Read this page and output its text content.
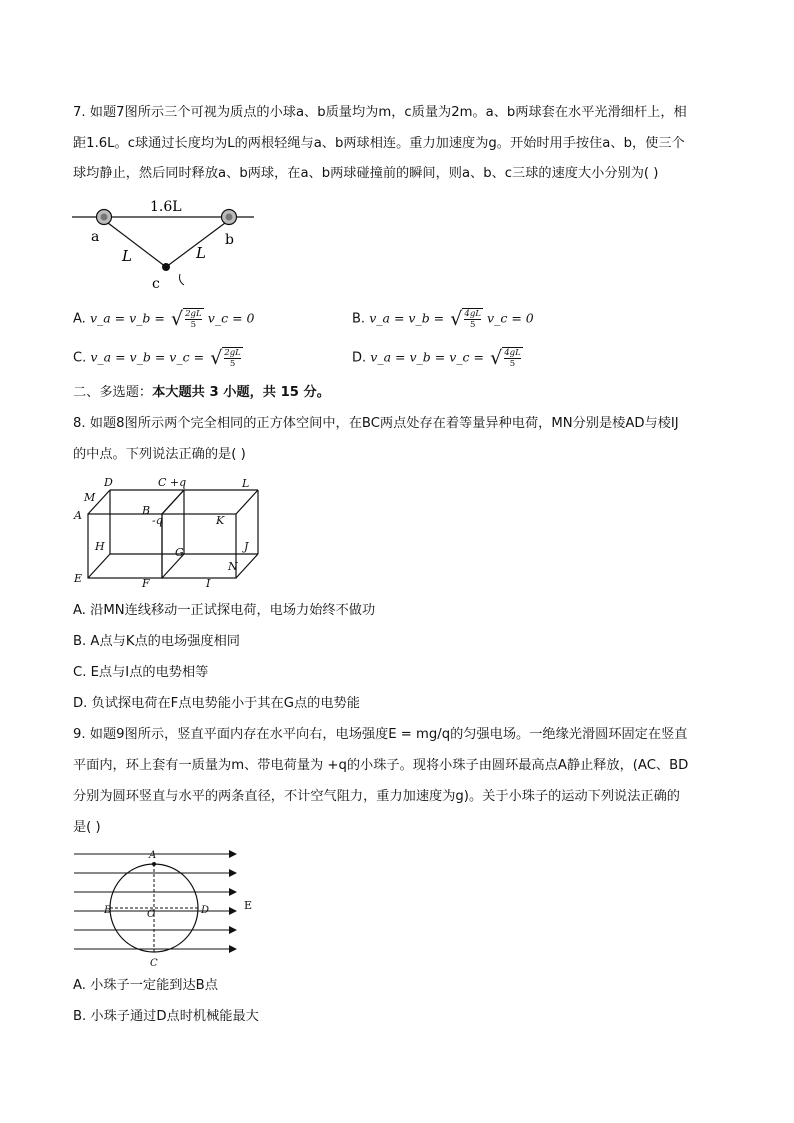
7. 如题7图所示三个可视为质点的小球a、b质量均为m，c质量为2m。a、b两球套在水平光滑细杆上，相
距1.6L。c球通过长度均为L的两根轻绳与a、b两球相连。重力加速度为g。开始时用手按住a、b，使三个
球均静止，然后同时释放a、b两球，在a、b两球碰撞前的瞬间，则a、b、c三球的速度大小分别为( )
1.6L
a	b
c
L	L
A. v_a = v_b = √ $\frac{2gL}{5}$ v_c = 0	B. v_a = v_b = √ $\frac{4gL}{5}$ v_c = 0
C. v_a = v_b = v_c = √ $\frac{2gL}{5}$	D. v_a = v_b = v_c = √ $\frac{4gL}{5}$
二、多选题：本大题共 3 小题，共 15 分。
8. 如题8图所示两个完全相同的正方体空间中，在BC两点处存在着等量异种电荷，MN分别是棱AD与棱IJ
的中点。下列说法正确的是( )
D
M
A
C +q
B
-q
L
K
H	G	J
N
E	F	I
A. 沿MN连线移动一正试探电荷，电场力始终不做功
B. A点与K点的电场强度相同
C. E点与I点的电势相等
D. 负试探电荷在F点电势能小于其在G点的电势能
9. 如题9图所示，竖直平面内存在水平向右，电场强度E = mg/q的匀强电场。一绝缘光滑圆环固定在竖直
平面内，环上套有一质量为m、带电荷量为 +q的小珠子。现将小珠子由圆环最高点A静止释放，(AC、BD
分别为圆环竖直与水平的两条直径，不计空气阻力，重力加速度为g)。关于小珠子的运动下列说法正确的
是( )
A
B	O	D
C
E
A. 小珠子一定能到达B点
B. 小珠子通过D点时机械能最大
